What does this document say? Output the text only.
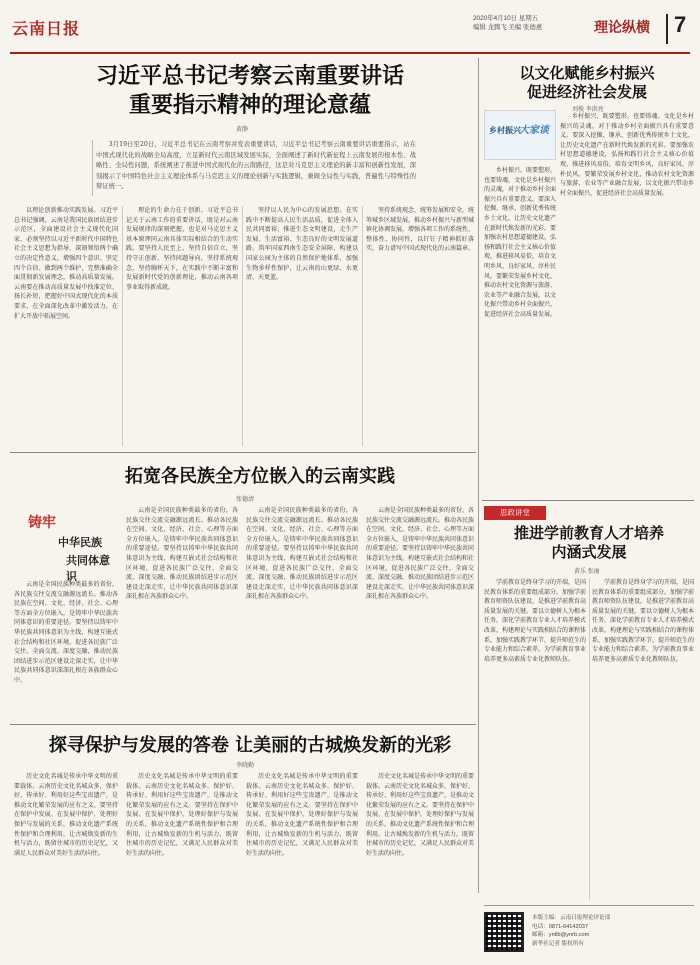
云南日报
2020年4月10日 星期五
编辑 龙腾飞 美编 张德惠	理论纵横 7
习近平总书记考察云南重要讲话
重要指示精神的理论意蕴
黄静

3月19日至20日，习近平总书记在云南考察并发表重要讲话，习近平总书记考察云南重要讲话重要指示，站在中国式现代化的战略全局高度，立足新时代云南区域发展实际，全面阐述了新时代新征程上云南发展的根本性、战略性、全局性问题，系统阐述了推进中国式现代化的云南路径，这是对马克思主义理论的新丰富和创新性发展，深刻揭示了中国特色社会主义理论体系与马克思主义的理论创新与实践逻辑，兼顾全局性与实践，普遍性与特殊性的辩证统一。

以理论创新推动实践发展。习近平总书记强调，云南是我国民族团结进步示范区，全面建设社会主义现代化国家，必须坚持以习近平新时代中国特色社会主义思想为指导，深刻领悟两个确立的决定性意义，增强四个意识、坚定四个自信、做到两个维护，完整准确全面贯彻新发展理念，推动高质量发展。云南要在推动高质量发展中找准定位、扬长补短，把握好中国式现代化的本质要求，在全面深化改革中激发活力，在扩大开放中拓展空间。

理论的生命力在于创新。习近平总书记关于云南工作的重要讲话，既是对云南发展规律的深刻把握，也是对马克思主义基本原理同云南具体实际相结合的生动实践。要坚持人民至上，坚持自信自立，坚持守正创新，坚持问题导向，坚持系统观念，坚持胸怀天下，在实践中不断丰富和发展新时代党的创新理论，推动云南各项事业取得新成就。

坚持以人民为中心的发展思想。在实践中不断提高人民生活品质，促进全体人民共同富裕，推进生态文明建设，走生产发展、生活富裕、生态良好的文明发展道路。筑牢国家西南生态安全屏障，构建以国家公园为主体的自然保护地体系，加强生物多样性保护，让云南的山更绿、水更清、天更蓝。

坚持系统观念，统筹发展和安全，统筹城乡区域发展，推动乡村振兴与新型城镇化协调发展，增强各项工作的系统性、整体性、协同性，以钉钉子精神抓好落实，奋力谱写中国式现代化的云南篇章。

以文化赋能乡村振兴
促进经济社会发展
刘俊 李洪亮
乡村振兴
大家谈

乡村振兴，既要塑形，也要铸魂。文化是乡村振兴的灵魂，对于推动乡村全面振兴具有重要意义。要深入挖掘、继承、创新优秀传统乡土文化，让历史文化遗产在新时代焕发新的光彩。要加强农村思想道德建设，弘扬和践行社会主义核心价值观，推进移风易俗，培育文明乡风、良好家风、淳朴民风。要繁荣发展乡村文化，推动农村文化资源与旅游、农业等产业融合发展，以文化振兴带动乡村全面振兴，促进经济社会高质量发展。

乡村振兴，既要塑形，也要铸魂。文化是乡村振兴的灵魂，对于推动乡村全面振兴具有重要意义。要深入挖掘、继承、创新优秀传统乡土文化，让历史文化遗产在新时代焕发新的光彩。要加强农村思想道德建设，弘扬和践行社会主义核心价值观，推进移风易俗，培育文明乡风、良好家风、淳朴民风。要繁荣发展乡村文化，推动农村文化资源与旅游、农业等产业融合发展，以文化振兴带动乡村全面振兴，促进经济社会高质量发展。

拓宽各民族全方位嵌入的云南实践
张德清
铸牢
中华民族
共同体意识

云南是全国民族种类最多的省份，各民族交往交流交融源远流长。推动各民族在空间、文化、经济、社会、心理等方面全方位嵌入，是铸牢中华民族共同体意识的重要途径。要坚持以铸牢中华民族共同体意识为主线，构建互嵌式社会结构和社区环境，促进各民族广泛交往、全面交流、深度交融，推动民族团结进步示范区建设走深走实，让中华民族共同体意识深深扎根在各族群众心中。

云南是全国民族种类最多的省份，各民族交往交流交融源远流长。推动各民族在空间、文化、经济、社会、心理等方面全方位嵌入，是铸牢中华民族共同体意识的重要途径。要坚持以铸牢中华民族共同体意识为主线，构建互嵌式社会结构和社区环境，促进各民族广泛交往、全面交流、深度交融，推动民族团结进步示范区建设走深走实，让中华民族共同体意识深深扎根在各族群众心中。

云南是全国民族种类最多的省份，各民族交往交流交融源远流长。推动各民族在空间、文化、经济、社会、心理等方面全方位嵌入，是铸牢中华民族共同体意识的重要途径。要坚持以铸牢中华民族共同体意识为主线，构建互嵌式社会结构和社区环境，促进各民族广泛交往、全面交流、深度交融，推动民族团结进步示范区建设走深走实，让中华民族共同体意识深深扎根在各族群众心中。

云南是全国民族种类最多的省份，各民族交往交流交融源远流长。推动各民族在空间、文化、经济、社会、心理等方面全方位嵌入，是铸牢中华民族共同体意识的重要途径。要坚持以铸牢中华民族共同体意识为主线，构建互嵌式社会结构和社区环境，促进各民族广泛交往、全面交流、深度交融，推动民族团结进步示范区建设走深走实，让中华民族共同体意识深深扎根在各族群众心中。

探寻保护与发展的答卷 让美丽的古城焕发新的光彩
李晓勤

历史文化名城是传承中华文明的重要载体。云南历史文化名城众多，保护好、传承好、利用好这些宝贵遗产，是推动文化繁荣发展的应有之义。要坚持在保护中发展、在发展中保护，处理好保护与发展的关系，推动文化遗产系统性保护和合理利用，让古城焕发新的生机与活力，既留住城市的历史记忆，又满足人民群众对美好生活的向往。

历史文化名城是传承中华文明的重要载体。云南历史文化名城众多，保护好、传承好、利用好这些宝贵遗产，是推动文化繁荣发展的应有之义。要坚持在保护中发展、在发展中保护，处理好保护与发展的关系，推动文化遗产系统性保护和合理利用，让古城焕发新的生机与活力，既留住城市的历史记忆，又满足人民群众对美好生活的向往。

历史文化名城是传承中华文明的重要载体。云南历史文化名城众多，保护好、传承好、利用好这些宝贵遗产，是推动文化繁荣发展的应有之义。要坚持在保护中发展、在发展中保护，处理好保护与发展的关系，推动文化遗产系统性保护和合理利用，让古城焕发新的生机与活力，既留住城市的历史记忆，又满足人民群众对美好生活的向往。

历史文化名城是传承中华文明的重要载体。云南历史文化名城众多，保护好、传承好、利用好这些宝贵遗产，是推动文化繁荣发展的应有之义。要坚持在保护中发展、在发展中保护，处理好保护与发展的关系，推动文化遗产系统性保护和合理利用，让古城焕发新的生机与活力，既留住城市的历史记忆，又满足人民群众对美好生活的向往。

思政讲堂
推进学前教育人才培养
内涵式发展
黄乐 张丽

学前教育是终身学习的开端，是国民教育体系的重要组成部分。加强学前教育师资队伍建设，是推进学前教育高质量发展的关键。要以立德树人为根本任务，深化学前教育专业人才培养模式改革，构建理论与实践相结合的课程体系，加强实践教学环节，提升师范生的专业能力和综合素养，为学前教育事业培养更多高素质专业化教师队伍。

学前教育是终身学习的开端，是国民教育体系的重要组成部分。加强学前教育师资队伍建设，是推进学前教育高质量发展的关键。要以立德树人为根本任务，深化学前教育专业人才培养模式改革，构建理论与实践相结合的课程体系，加强实践教学环节，提升师范生的专业能力和综合素养，为学前教育事业培养更多高素质专业化教师队伍。

本版主编：云南日报理论评论部
电话：0871-64142037
邮箱：yntlb@ynrb.com
新华社记者 版权所有
